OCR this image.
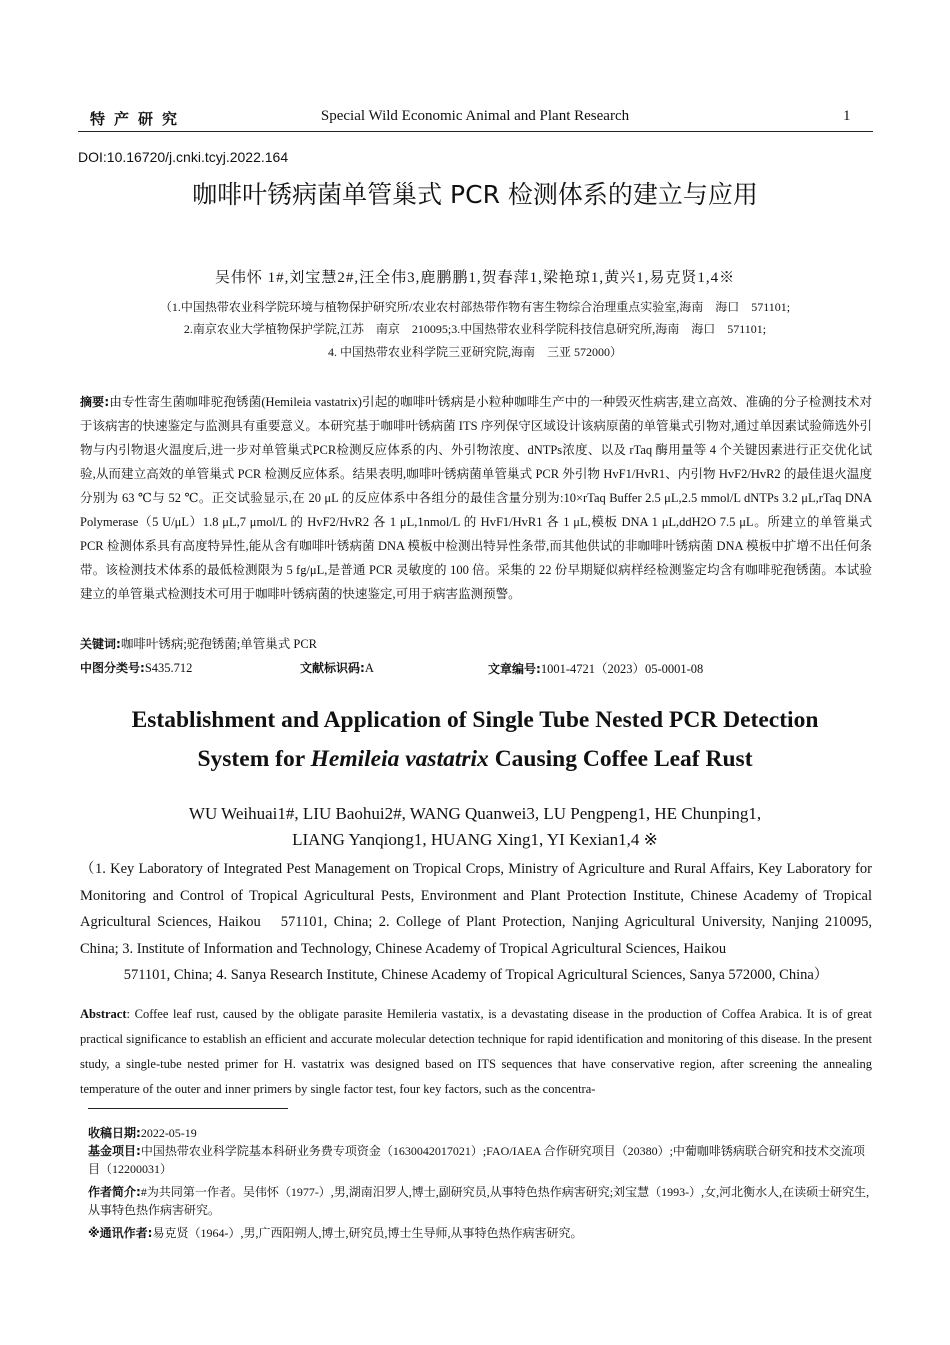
特产研究	Special Wild Economic Animal and Plant Research	1
DOI:10.16720/j.cnki.tcyj.2022.164
咖啡叶锈病菌单管巢式 PCR 检测体系的建立与应用
吴伟怀 1#,刘宝慧2#,汪全伟3,鹿鹏鹏1,贺春萍1,梁艳琼1,黄兴1,易克贤1,4※
（1.中国热带农业科学院环境与植物保护研究所/农业农村部热带作物有害生物综合治理重点实验室,海南　海口　571101;
2.南京农业大学植物保护学院,江苏　南京　210095;3.中国热带农业科学院科技信息研究所,海南　海口　571101;
4. 中国热带农业科学院三亚研究院,海南　三亚 572000）
摘要:由专性寄生菌咖啡驼孢锈菌(Hemileia vastatrix)引起的咖啡叶锈病是小粒种咖啡生产中的一种毁灭性病害,建立高效、准确的分子检测技术对于该病害的快速鉴定与监测具有重要意义。本研究基于咖啡叶锈病菌 ITS 序列保守区域设计该病原菌的单管巢式引物对,通过单因素试验筛选外引物与内引物退火温度后,进一步对单管巢式PCR检测反应体系的内、外引物浓度、dNTPs浓度、以及 rTaq 酶用量等 4 个关键因素进行正交优化试验,从而建立高效的单管巢式 PCR 检测反应体系。结果表明,咖啡叶锈病菌单管巢式 PCR 外引物 HvF1/HvR1、内引物 HvF2/HvR2 的最佳退火温度分别为 63 ℃与 52 ℃。正交试验显示,在 20 μL 的反应体系中各组分的最佳含量分别为:10×rTaq Buffer 2.5 μL,2.5 mmol/L dNTPs 3.2 μL,rTaq DNA Polymerase（5 U/μL）1.8 μL,7 μmol/L 的 HvF2/HvR2 各 1 μL,1nmol/L 的 HvF1/HvR1 各 1 μL,模板 DNA 1 μL,ddH2O 7.5 μL。所建立的单管巢式 PCR 检测体系具有高度特异性,能从含有咖啡叶锈病菌 DNA 模板中检测出特异性条带,而其他供试的非咖啡叶锈病菌 DNA 模板中扩增不出任何条带。该检测技术体系的最低检测限为 5 fg/μL,是普通 PCR 灵敏度的 100 倍。采集的 22 份早期疑似病样经检测鉴定均含有咖啡驼孢锈菌。本试验建立的单管巢式检测技术可用于咖啡叶锈病菌的快速鉴定,可用于病害监测预警。
关键词:咖啡叶锈病;驼孢锈菌;单管巢式 PCR
中图分类号:S435.712	文献标识码:A	文章编号:1001-4721（2023）05-0001-08
Establishment and Application of Single Tube Nested PCR Detection
System for Hemileia vastatrix Causing Coffee Leaf Rust
WU Weihuai1#, LIU Baohui2#, WANG Quanwei3, LU Pengpeng1, HE Chunping1,
LIANG Yanqiong1, HUANG Xing1, YI Kexian1,4 ※
（1. Key Laboratory of Integrated Pest Management on Tropical Crops, Ministry of Agriculture and Rural Affairs, Key Laboratory for Monitoring and Control of Tropical Agricultural Pests, Environment and Plant Protection Institute, Chinese Academy of Tropical Agricultural Sciences, Haikou　571101, China; 2. College of Plant Protection, Nanjing Agricultural University, Nanjing 210095, China; 3. Institute of Information and Technology, Chinese Academy of Tropical Agricultural Sciences, Haikou
571101, China; 4. Sanya Research Institute, Chinese Academy of Tropical Agricultural Sciences, Sanya 572000, China）
Abstract: Coffee leaf rust, caused by the obligate parasite Hemileria vastatix, is a devastating disease in the production of Coffea Arabica. It is of great practical significance to establish an efficient and accurate molecular detection technique for rapid identification and monitoring of this disease. In the present study, a single-tube nested primer for H. vastatrix was designed based on ITS sequences that have conservative region, after screening the annealing temperature of the outer and inner primers by single factor test, four key factors, such as the concentra-
收稿日期:2022-05-19
基金项目:中国热带农业科学院基本科研业务费专项资金（1630042017021）;FAO/IAEA 合作研究项目（20380）;中葡咖啡锈病联合研究和技术交流项目（12200031）
作者简介:#为共同第一作者。吴伟怀（1977-）,男,湖南汨罗人,博士,副研究员,从事特色热作病害研究;刘宝慧（1993-）,女,河北衡水人,在读硕士研究生,从事特色热作病害研究。
※通讯作者:易克贤（1964-）,男,广西阳朔人,博士,研究员,博士生导师,从事特色热作病害研究。
